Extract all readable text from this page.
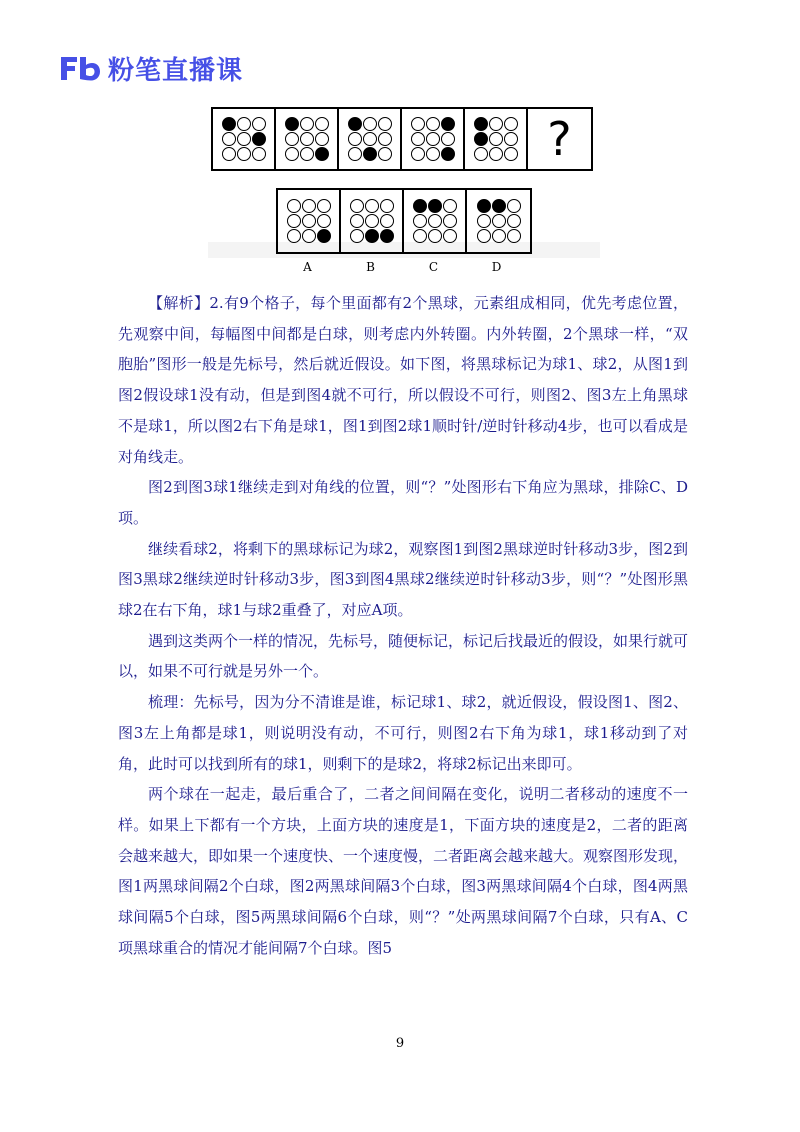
粉笔直播课
?
A	B	C	D

【解析】2.有9个格子，每个里面都有2个黑球，元素组成相同，优先考虑位置，先观察中间，每幅图中间都是白球，则考虑内外转圈。内外转圈，2个黑球一样，“双胞胎”图形一般是先标号，然后就近假设。如下图，将黑球标记为球1、球2，从图1到图2假设球1没有动，但是到图4就不可行，所以假设不可行，则图2、图3左上角黑球不是球1，所以图2右下角是球1，图1到图2球1顺时针/逆时针移动4步，也可以看成是对角线走。

图2到图3球1继续走到对角线的位置，则“？”处图形右下角应为黑球，排除C、D项。

继续看球2，将剩下的黑球标记为球2，观察图1到图2黑球逆时针移动3步，图2到图3黑球2继续逆时针移动3步，图3到图4黑球2继续逆时针移动3步，则“？”处图形黑球2在右下角，球1与球2重叠了，对应A项。

遇到这类两个一样的情况，先标号，随便标记，标记后找最近的假设，如果行就可以，如果不可行就是另外一个。

梳理：先标号，因为分不清谁是谁，标记球1、球2，就近假设，假设图1、图2、图3左上角都是球1，则说明没有动，不可行，则图2右下角为球1，球1移动到了对角，此时可以找到所有的球1，则剩下的是球2，将球2标记出来即可。

两个球在一起走，最后重合了，二者之间间隔在变化，说明二者移动的速度不一样。如果上下都有一个方块，上面方块的速度是1，下面方块的速度是2，二者的距离会越来越大，即如果一个速度快、一个速度慢，二者距离会越来越大。观察图形发现，图1两黑球间隔2个白球，图2两黑球间隔3个白球，图3两黑球间隔4个白球，图4两黑球间隔5个白球，图5两黑球间隔6个白球，则“？”处两黑球间隔7个白球，只有A、C项黑球重合的情况才能间隔7个白球。图5

9
